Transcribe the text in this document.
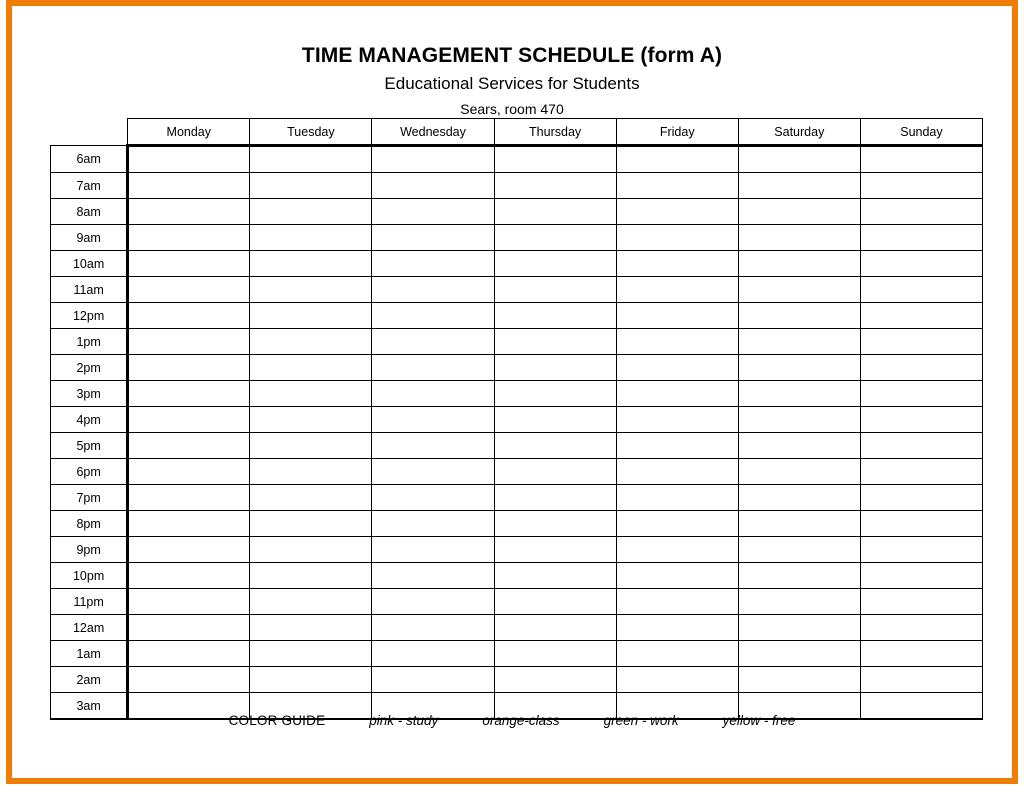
TIME MANAGEMENT SCHEDULE (form A)
Educational Services for Students
Sears, room 470
	Monday	Tuesday	Wednesday	Thursday	Friday	Saturday	Sunday
6am							
7am							
8am							
9am							
10am							
11am							
12pm							
1pm							
2pm							
3pm							
4pm							
5pm							
6pm							
7pm							
8pm							
9pm							
10pm							
11pm							
12am							
1am							
2am							
3am							
COLOR GUIDE	pink - study	orange-class	green - work	yellow - free
